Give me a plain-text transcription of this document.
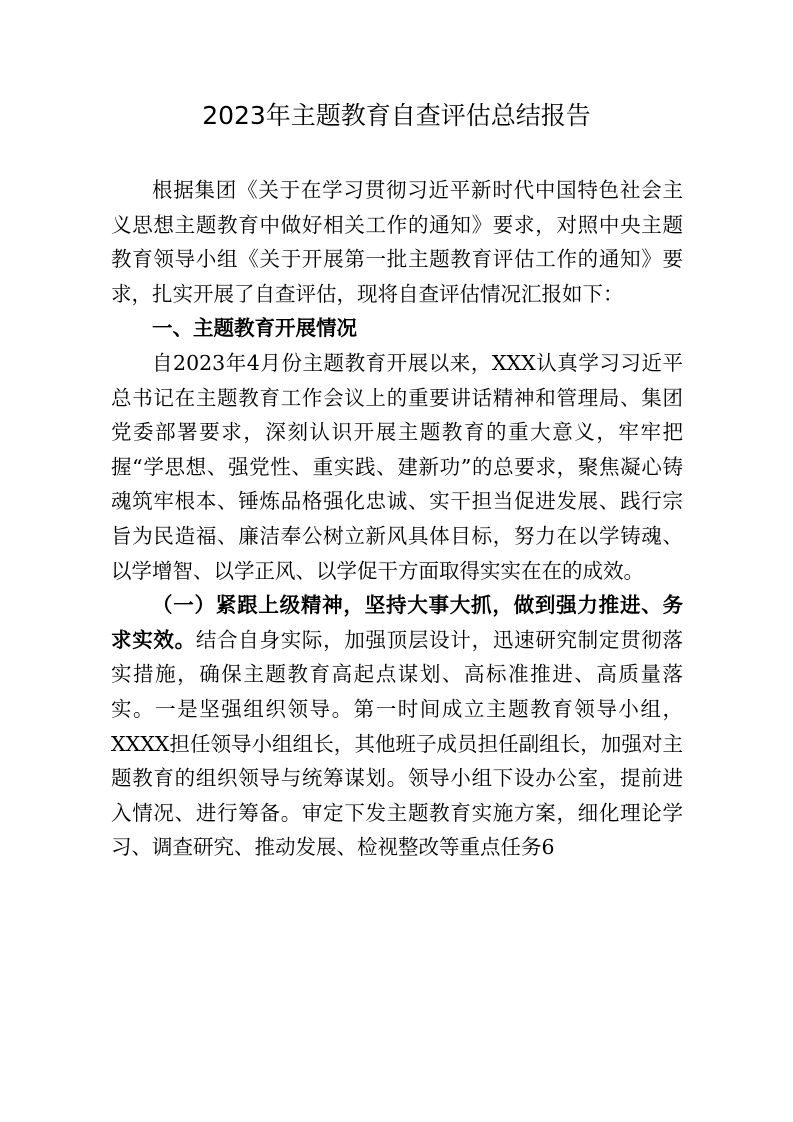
2023年主题教育自查评估总结报告

根据集团《关于在学习贯彻习近平新时代中国特色社会主义思想主题教育中做好相关工作的通知》要求，对照中央主题教育领导小组《关于开展第一批主题教育评估工作的通知》要求，扎实开展了自查评估，现将自查评估情况汇报如下：

一、主题教育开展情况

自2023年4月份主题教育开展以来，XXX认真学习习近平总书记在主题教育工作会议上的重要讲话精神和管理局、集团党委部署要求，深刻认识开展主题教育的重大意义，牢牢把握“学思想、强党性、重实践、建新功”的总要求，聚焦凝心铸魂筑牢根本、锤炼品格强化忠诚、实干担当促进发展、践行宗旨为民造福、廉洁奉公树立新风具体目标，努力在以学铸魂、以学增智、以学正风、以学促干方面取得实实在在的成效。

（一）紧跟上级精神，坚持大事大抓，做到强力推进、务求实效。结合自身实际，加强顶层设计，迅速研究制定贯彻落实措施，确保主题教育高起点谋划、高标准推进、高质量落实。一是坚强组织领导。第一时间成立主题教育领导小组，XXXX担任领导小组组长，其他班子成员担任副组长，加强对主题教育的组织领导与统筹谋划。领导小组下设办公室，提前进入情况、进行筹备。审定下发主题教育实施方案，细化理论学习、调查研究、推动发展、检视整改等重点任务6
